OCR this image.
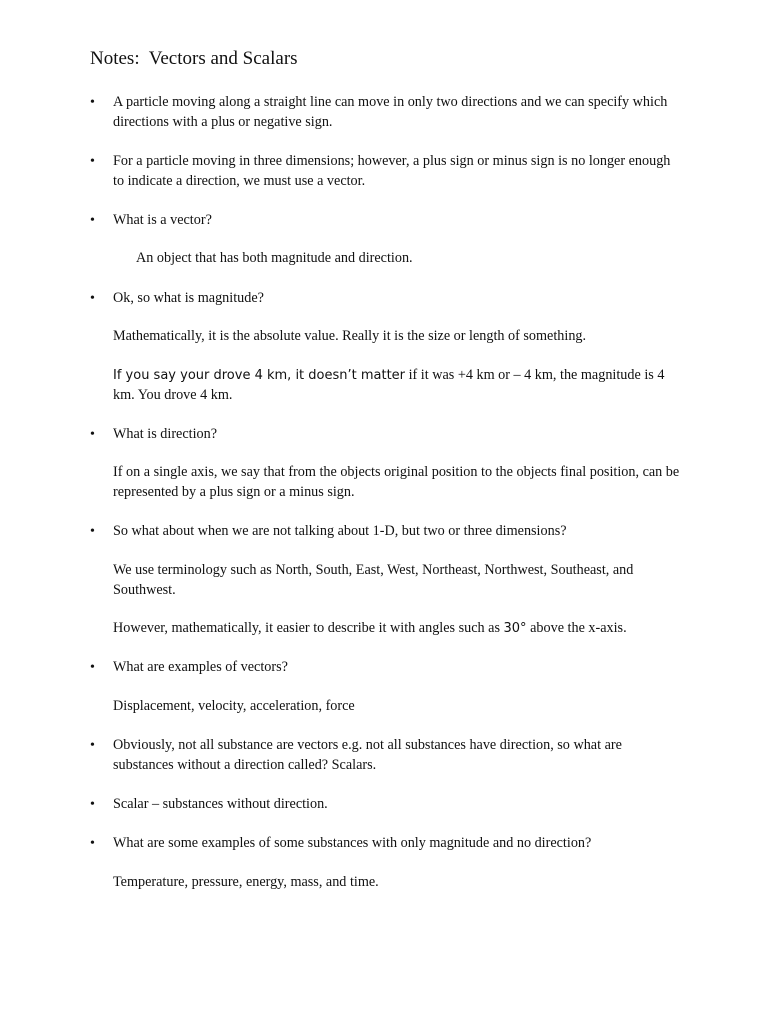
Notes:  Vectors and Scalars
•	A particle moving along a straight line can move in only two directions and we can specify which directions with a plus or negative sign.

•	For a particle moving in three dimensions; however, a plus sign or minus sign is no longer enough to indicate a direction, we must use a vector.

•	What is a vector?

An object that has both magnitude and direction.

•	Ok, so what is magnitude?

Mathematically, it is the absolute value. Really it is the size or length of something.

If you say your drove 4 km, it doesn’t matter if it was +4 km or – 4 km, the magnitude is 4 km. You drove 4 km.

•	What is direction?

If on a single axis, we say that from the objects original position to the objects final position, can be represented by a plus sign or a minus sign.

•	So what about when we are not talking about 1-D, but two or three dimensions?

We use terminology such as North, South, East, West, Northeast, Northwest, Southeast, and Southwest.

However, mathematically, it easier to describe it with angles such as 30° above the x-axis.

•	What are examples of vectors?

Displacement, velocity, acceleration, force

•	Obviously, not all substance are vectors e.g. not all substances have direction, so what are substances without a direction called? Scalars.

•	Scalar – substances without direction.

•	What are some examples of some substances with only magnitude and no direction?

Temperature, pressure, energy, mass, and time.
